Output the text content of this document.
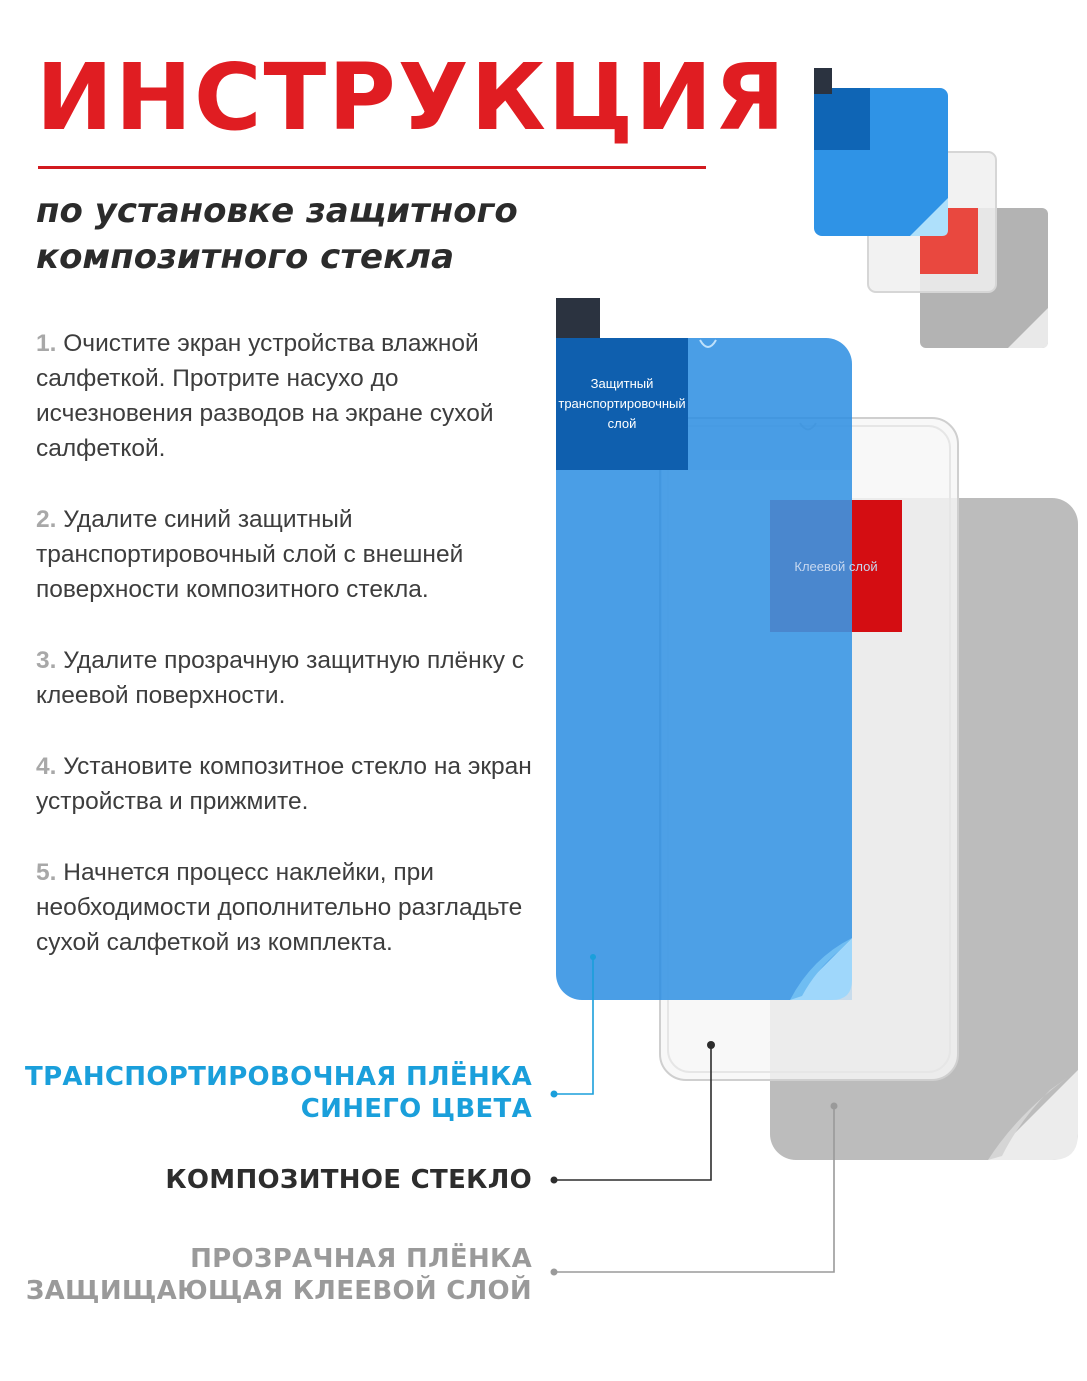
ИНСТРУКЦИЯ
по установке защитного композитного стекла
1. Очистите экран устройства влажной салфеткой. Протрите насухо до исчезновения разводов на экране сухой салфеткой.
2. Удалите синий защитный транспортировочный слой с внешней поверхности композитного стекла.
3. Удалите прозрачную защитную плёнку с клеевой поверхности.
4. Установите композитное стекло на экран устройства и прижмите.
5. Начнется процесс наклейки, при необходимости дополнительно разгладьте сухой салфеткой из комплекта.
Защитный транспортировочный слой
Клеевой слой
ТРАНСПОРТИРОВОЧНАЯ ПЛЁНКА
СИНЕГО ЦВЕТА
КОМПОЗИТНОЕ СТЕКЛО
ПРОЗРАЧНАЯ ПЛЁНКА
ЗАЩИЩАЮЩАЯ КЛЕЕВОЙ СЛОЙ
